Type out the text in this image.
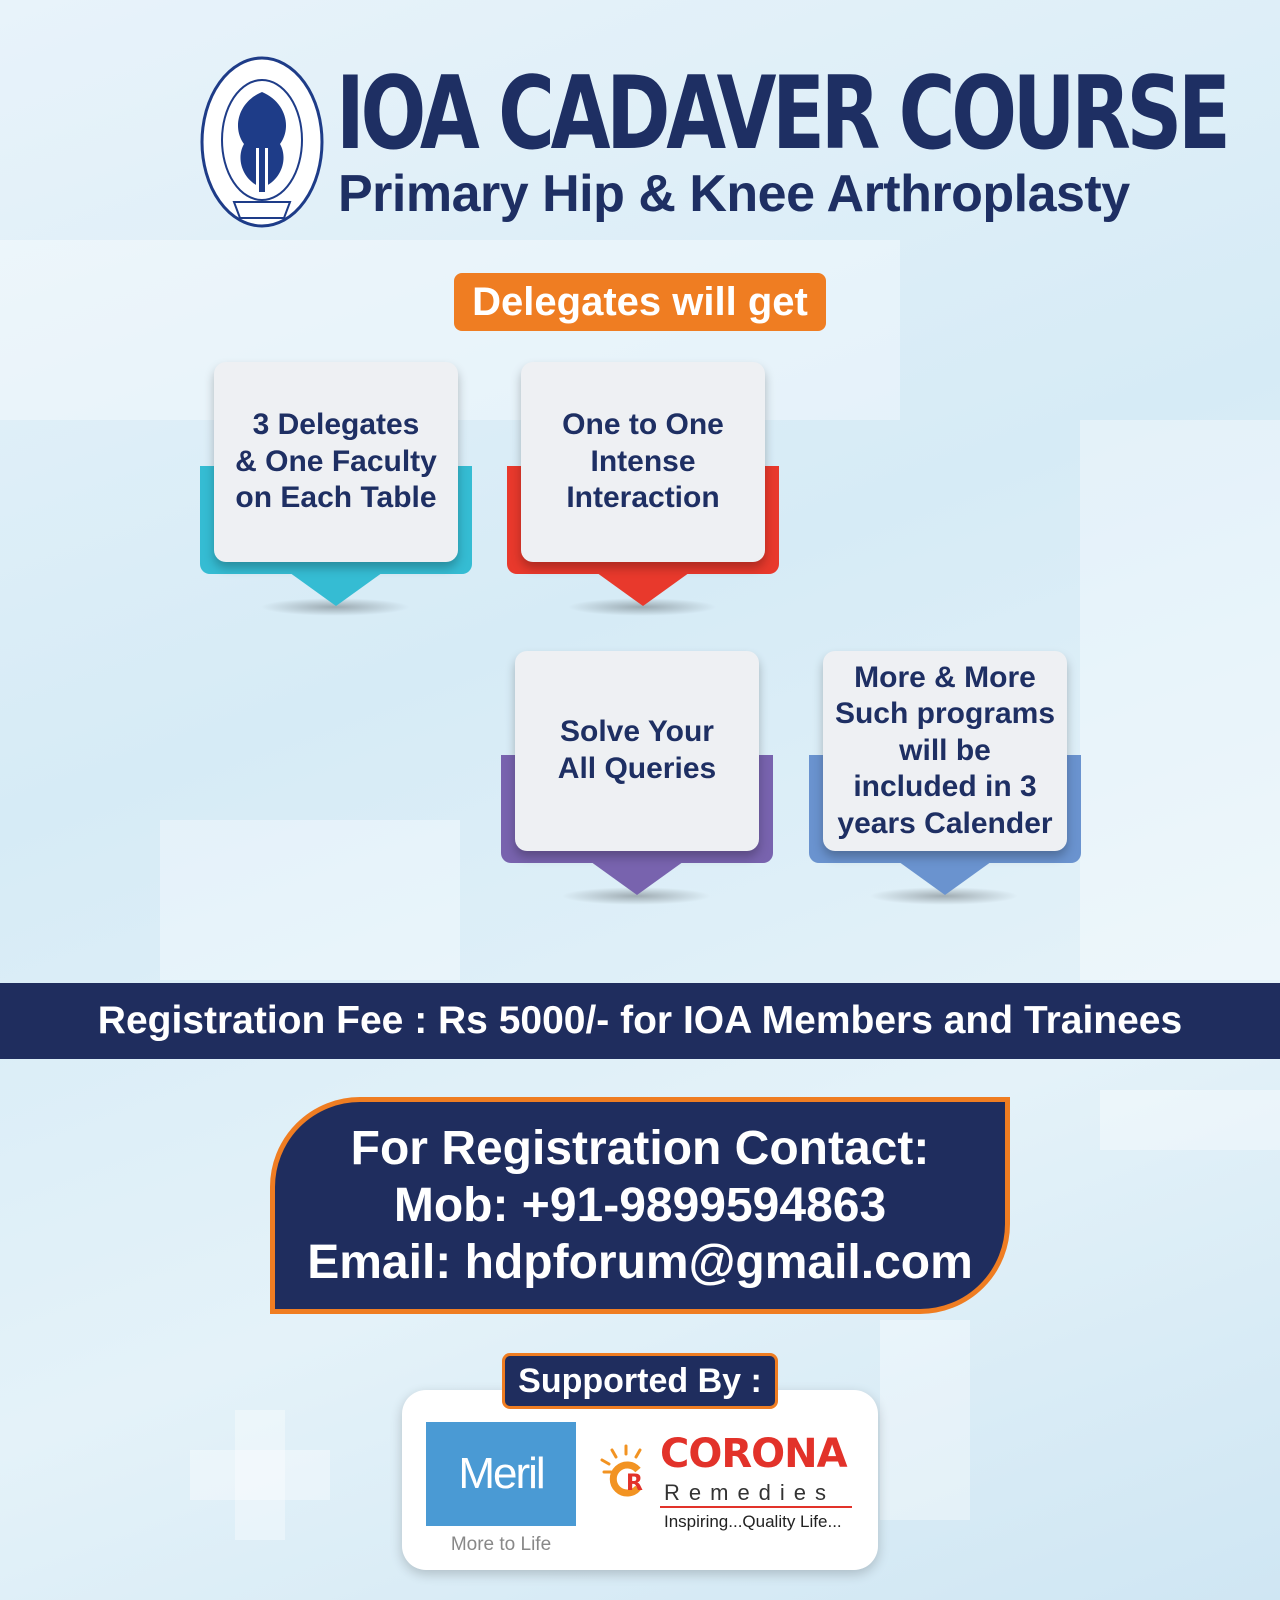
IOA CADAVER COURSE
Primary Hip & Knee Arthroplasty
Delegates will get
3 Delegates
& One Faculty
on Each Table
One to One
Intense
Interaction
Solve Your
All Queries
More & More
Such programs
will be
included in 3
years Calender
Registration Fee : Rs 5000/- for IOA Members and Trainees
For Registration Contact:
Mob: +91-9899594863
Email: hdpforum@gmail.com
Supported By :
Meril
More to Life
R
CORONA
Remedies
Inspiring...Quality Life...
